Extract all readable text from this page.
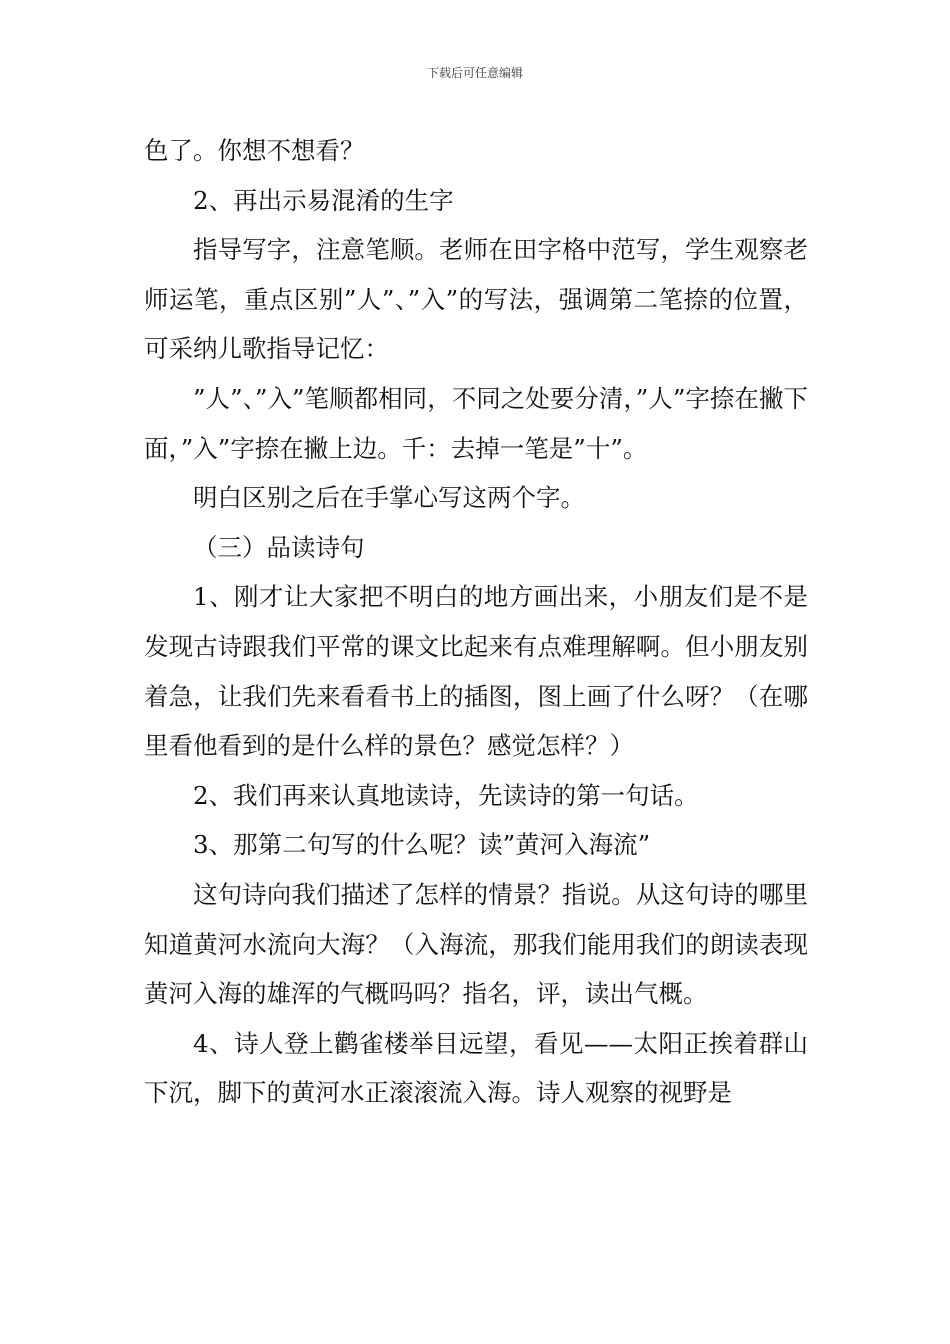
下载后可任意编辑

色了。你想不想看？

2、再出示易混淆的生字

指导写字，注意笔顺。老师在田字格中范写，学生观察老师运笔，重点区别”人”、”入”的写法，强调第二笔捺的位置，可采纳儿歌指导记忆：

”人”、”入”笔顺都相同，不同之处要分清，”人”字捺在撇下面，”入”字捺在撇上边。千：去掉一笔是”十”。

明白区别之后在手掌心写这两个字。

（三）品读诗句

1、刚才让大家把不明白的地方画出来，小朋友们是不是发现古诗跟我们平常的课文比起来有点难理解啊。但小朋友别着急，让我们先来看看书上的插图，图上画了什么呀？（在哪里看他看到的是什么样的景色？感觉怎样？）

2、我们再来认真地读诗，先读诗的第一句话。

3、那第二句写的什么呢？读”黄河入海流”

这句诗向我们描述了怎样的情景？指说。从这句诗的哪里知道黄河水流向大海？（入海流，那我们能用我们的朗读表现黄河入海的雄浑的气概吗吗？指名，评，读出气概。

4、诗人登上鹳雀楼举目远望，看见——太阳正挨着群山下沉，脚下的黄河水正滚滚流入海。诗人观察的视野是
